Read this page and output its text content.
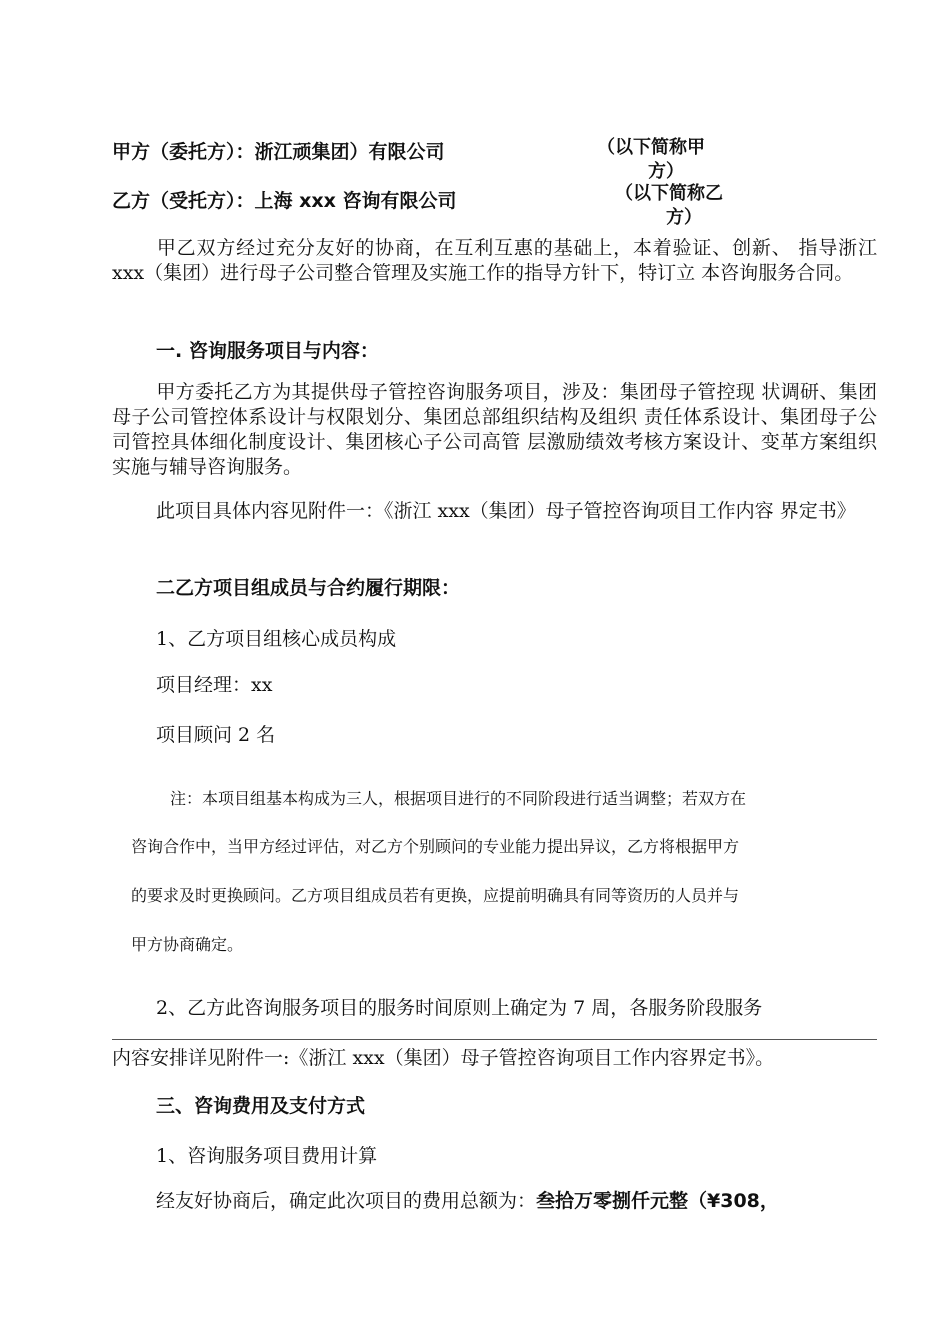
甲方（委托方）：浙江顽集团）有限公司	（以下简称甲
方）
乙方（受托方）：上海 xxx 咨询有限公司	（以下简称乙
方）
甲乙双方经过充分友好的协商，在互利互惠的基础上，本着验证、创新、 指导浙江 xxx（集团）进行母子公司整合管理及实施工作的指导方针下，特订立 本咨询服务合同。
一. 咨询服务项目与内容：
甲方委托乙方为其提供母子管控咨询服务项目，涉及：集团母子管控现 状调研、集团母子公司管控体系设计与权限划分、集团总部组织结构及组织 责任体系设计、集团母子公司管控具体细化制度设计、集团核心子公司高管 层激励绩效考核方案设计、变革方案组织实施与辅导咨询服务。
此项目具体内容见附件一：《浙江 xxx（集团）母子管控咨询项目工作内容 界定书》
二乙方项目组成员与合约履行期限：
1、乙方项目组核心成员构成
项目经理：xx
项目顾问 2 名
注：本项目组基本构成为三人，根据项目进行的不同阶段进行适当调整；若双方在
咨询合作中，当甲方经过评估，对乙方个别顾问的专业能力提出异议，乙方将根据甲方
的要求及时更换顾问。乙方项目组成员若有更换，应提前明确具有同等资历的人员并与
甲方协商确定。
2、乙方此咨询服务项目的服务时间原则上确定为 7 周，各服务阶段服务
内容安排详见附件一:《浙江 xxx（集团）母子管控咨询项目工作内容界定书》。
三、咨询费用及支付方式
1、咨询服务项目费用计算
经友好协商后，确定此次项目的费用总额为：叁拾万零捌仟元整（¥308，
